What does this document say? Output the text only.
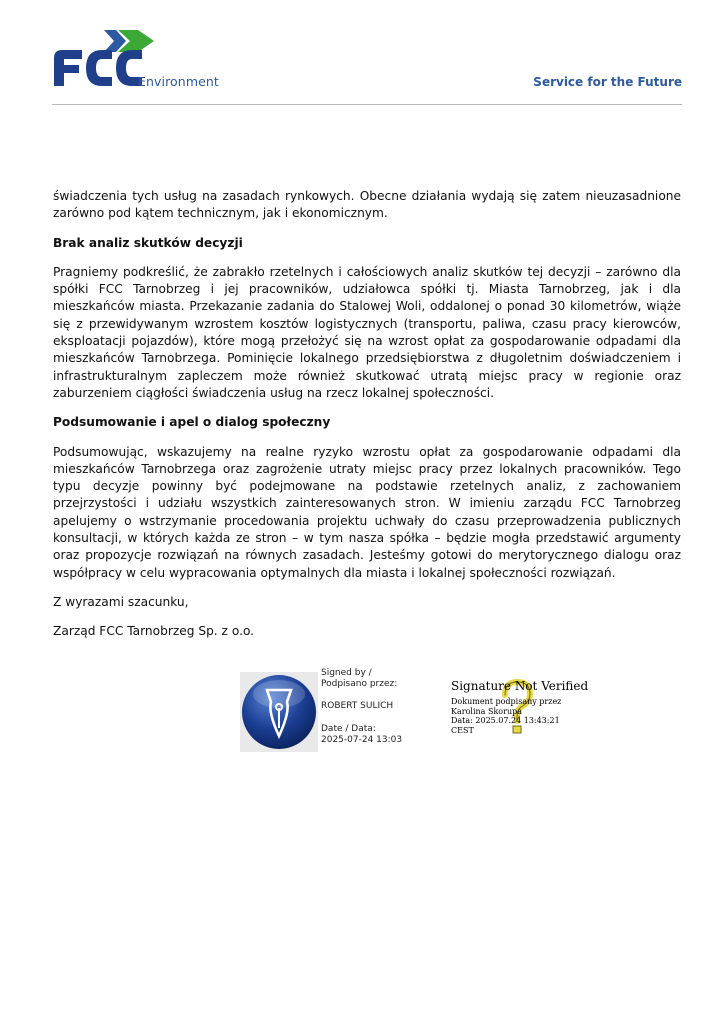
Environment	Service for the Future

świadczenia tych usług na zasadach rynkowych. Obecne działania wydają się zatem nieuzasadnione zarówno pod kątem technicznym, jak i ekonomicznym.

Brak analiz skutków decyzji

Pragniemy podkreślić, że zabrakło rzetelnych i całościowych analiz skutków tej decyzji – zarówno dla spółki FCC Tarnobrzeg i jej pracowników, udziałowca spółki tj. Miasta Tarnobrzeg, jak i dla mieszkańców miasta. Przekazanie zadania do Stalowej Woli, oddalonej o ponad 30 kilometrów, wiąże się z przewidywanym wzrostem kosztów logistycznych (transportu, paliwa, czasu pracy kierowców, eksploatacji pojazdów), które mogą przełożyć się na wzrost opłat za gospodarowanie odpadami dla mieszkańców Tarnobrzega. Pominięcie lokalnego przedsiębiorstwa z długoletnim doświadczeniem i infrastrukturalnym zapleczem może również skutkować utratą miejsc pracy w regionie oraz zaburzeniem ciągłości świadczenia usług na rzecz lokalnej społeczności.

Podsumowanie i apel o dialog społeczny

Podsumowując, wskazujemy na realne ryzyko wzrostu opłat za gospodarowanie odpadami dla mieszkańców Tarnobrzega oraz zagrożenie utraty miejsc pracy przez lokalnych pracowników. Tego typu decyzje powinny być podejmowane na podstawie rzetelnych analiz, z zachowaniem przejrzystości i udziału wszystkich zainteresowanych stron. W imieniu zarządu FCC Tarnobrzeg apelujemy o wstrzymanie procedowania projektu uchwały do czasu przeprowadzenia publicznych konsultacji, w których każda ze stron – w tym nasza spółka – będzie mogła przedstawić argumenty oraz propozycje rozwiązań na równych zasadach. Jesteśmy gotowi do merytorycznego dialogu oraz współpracy w celu wypracowania optymalnych dla miasta i lokalnej społeczności rozwiązań.

Z wyrazami szacunku,

Zarząd FCC Tarnobrzeg Sp. z o.o.

Signed by /
Podpisano przez:
ROBERT SULICH
Date / Data:
2025-07-24 13:03
Signature Not Verified
Dokument podpisany przez
Karolina Skorupa
Data: 2025.07.24 13:43:21
CEST
